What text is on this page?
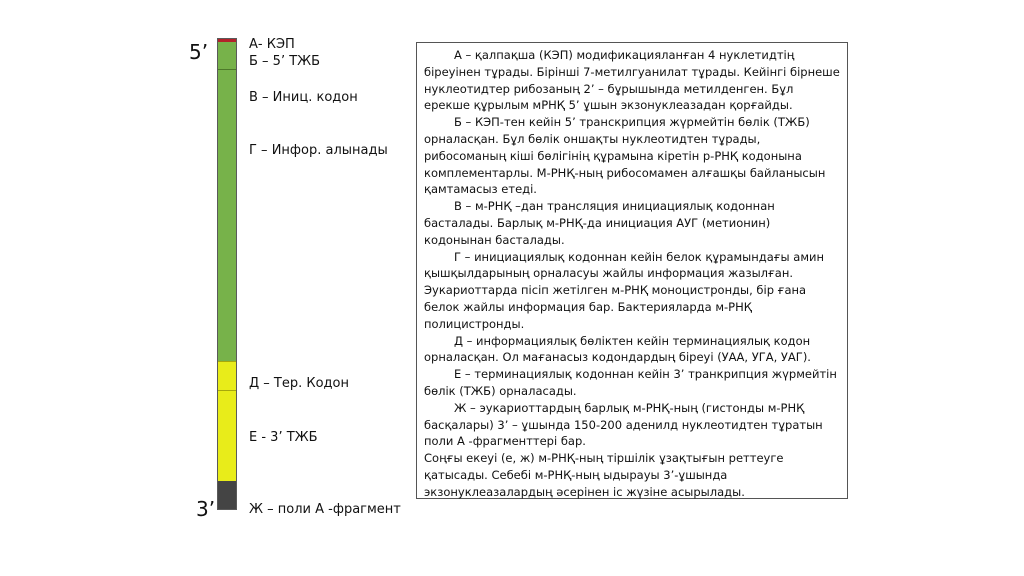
5’
3’
А- КЭП
Б – 5’ ТЖБ
В – Иниц. кодон
Г – Инфор. алынады
Д – Тер. Кодон
Е - 3’ ТЖБ
Ж – поли А -фрагмент

А – қалпақша (КЭП) модификацияланған 4 нуклетидтің біреуінен тұрады. Бірінші 7-метилгуанилат тұрады. Кейінгі бірнеше нуклеотидтер рибозаның 2’ – бұрышында метилденген. Бұл ерекше құрылым мРНҚ 5’ ұшын экзонуклеазадан қорғайды.

Б – КЭП-тен кейін 5’ транскрипция жүрмейтін бөлік (ТЖБ) орналасқан. Бұл бөлік оншақты нуклеотидтен тұрады, рибосоманың кіші бөлігінің құрамына кіретін р-РНҚ кодонына комплементарлы. М-РНҚ-ның рибосомамен алғашқы байланысын қамтамасыз етеді.

В – м-РНҚ –дан трансляция инициациялық кодоннан басталады. Барлық м-РНҚ-да инициация АУГ (метионин) кодонынан басталады.

Г – инициациялық кодоннан кейін белок құрамындағы амин қышқылдарының орналасуы жайлы информация жазылған. Эукариоттарда пісіп жетілген м-РНҚ моноцистронды, бір ғана белок жайлы информация бар. Бактерияларда м-РНҚ полицистронды.

Д – информациялық бөліктен кейін терминациялық кодон орналасқан. Ол мағанасыз кодондардың біреуі (УАА, УГА, УАГ).

Е – терминациялық кодоннан кейін 3’ транкрипция жүрмейтін бөлік (ТЖБ) орналасады.

Ж – эукариоттардың барлық м-РНҚ-ның (гистонды м-РНҚ басқалары) 3’ – ұшында 150-200 аденилд нуклеотидтен тұратын поли А -фрагменттері бар.

Соңғы екеуі (е, ж) м-РНҚ-ның тіршілік ұзақтығын реттеуге қатысады. Себебі м-РНҚ-ның ыдырауы 3’-ұшында экзонуклеазалардың әсерінен іс жүзіне асырылады.
